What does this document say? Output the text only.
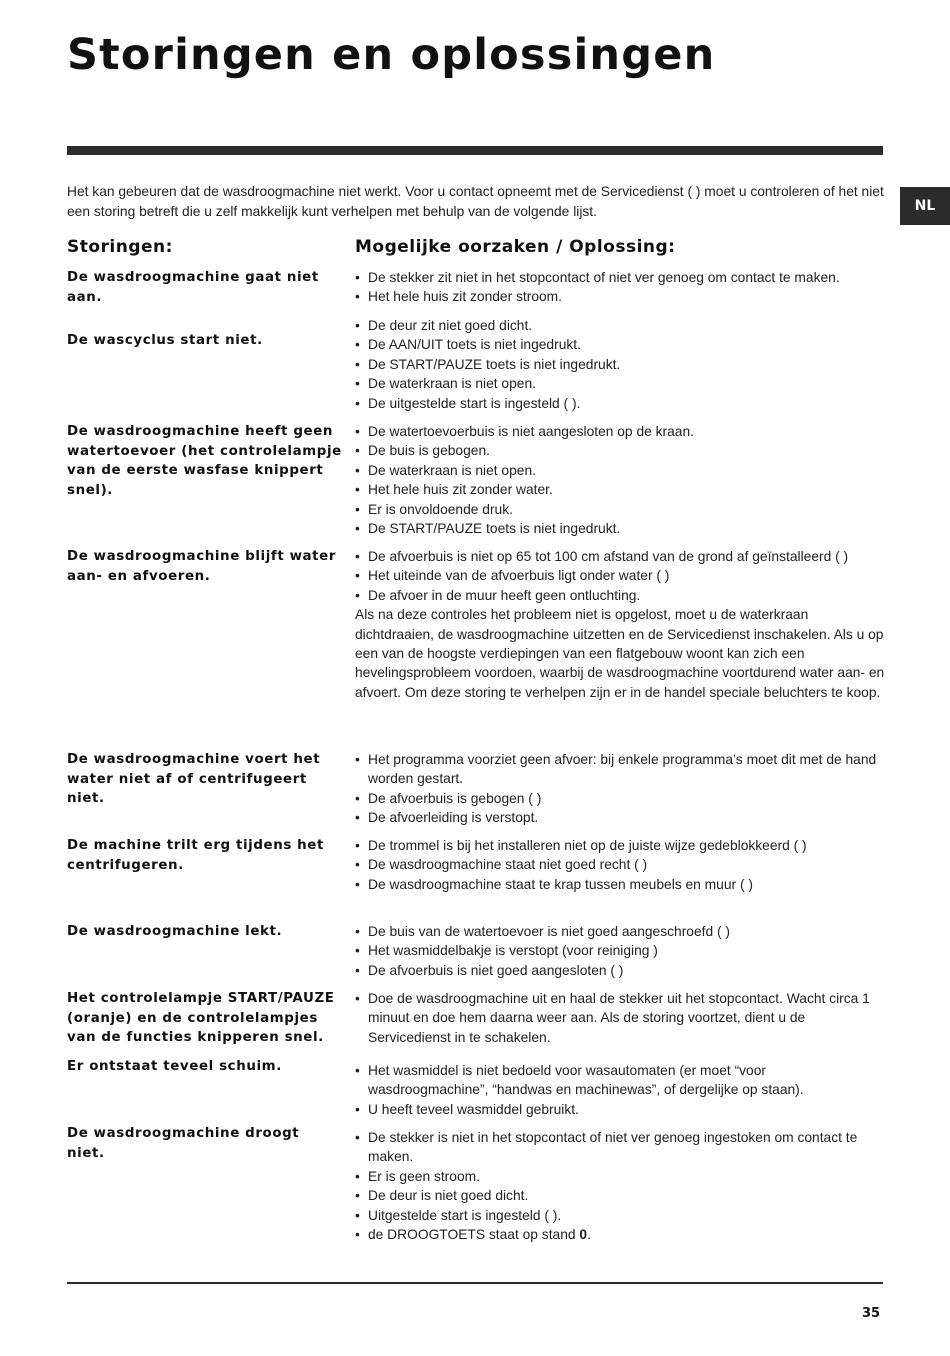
Storingen en oplossingen
NL
Het kan gebeuren dat de wasdroogmachine niet werkt. Voor u contact opneemt met de Servicedienst ( ) moet u controleren of het niet een storing betreft die u zelf makkelijk kunt verhelpen met behulp van de volgende lijst.
Storingen:	Mogelijke oorzaken / Oplossing:
De wasdroogmachine gaat niet aan.
• De stekker zit niet in het stopcontact of niet ver genoeg om contact te maken.
• Het hele huis zit zonder stroom.
De wascyclus start niet.
• De deur zit niet goed dicht.
• De AAN/UIT toets is niet ingedrukt.
• De START/PAUZE toets is niet ingedrukt.
• De waterkraan is niet open.
• De uitgestelde start is ingesteld ( ).
De wasdroogmachine heeft geen watertoevoer (het controlelampje van de eerste wasfase knippert snel).
• De watertoevoerbuis is niet aangesloten op de kraan.
• De buis is gebogen.
• De waterkraan is niet open.
• Het hele huis zit zonder water.
• Er is onvoldoende druk.
• De START/PAUZE toets is niet ingedrukt.
De wasdroogmachine blijft water aan- en afvoeren.
• De afvoerbuis is niet op 65 tot 100 cm afstand van de grond af geïnstalleerd ( )
• Het uiteinde van de afvoerbuis ligt onder water ( )
• De afvoer in de muur heeft geen ontluchting.
Als na deze controles het probleem niet is opgelost, moet u de waterkraan dichtdraaien, de wasdroogmachine uitzetten en de Servicedienst inschakelen. Als u op een van de hoogste verdiepingen van een flatgebouw woont kan zich een hevelingsprobleem voordoen, waarbij de wasdroogmachine voortdurend water aan- en afvoert. Om deze storing te verhelpen zijn er in de handel speciale beluchters te koop.
De wasdroogmachine voert het water niet af of centrifugeert niet.
• Het programma voorziet geen afvoer: bij enkele programma’s moet dit met de hand worden gestart.
• De afvoerbuis is gebogen ( )
• De afvoerleiding is verstopt.
De machine trilt erg tijdens het centrifugeren.
• De trommel is bij het installeren niet op de juiste wijze gedeblokkeerd ( )
• De wasdroogmachine staat niet goed recht ( )
• De wasdroogmachine staat te krap tussen meubels en muur ( )
De wasdroogmachine lekt.	• De buis van de watertoevoer is niet goed aangeschroefd ( )
• Het wasmiddelbakje is verstopt (voor reiniging )
• De afvoerbuis is niet goed aangesloten ( )
Het controlelampje START/PAUZE (oranje) en de controlelampjes van de functies knipperen snel.
• Doe de wasdroogmachine uit en haal de stekker uit het stopcontact. Wacht circa 1 minuut en doe hem daarna weer aan. Als de storing voortzet, dient u de Servicedienst in te schakelen.
Er ontstaat teveel schuim.	• Het wasmiddel is niet bedoeld voor wasautomaten (er moet “voor wasdroogmachine”, “handwas en machinewas”, of dergelijke op staan).
• U heeft teveel wasmiddel gebruikt.
De wasdroogmachine droogt niet.
• De stekker is niet in het stopcontact of niet ver genoeg ingestoken om contact te maken.
• Er is geen stroom.
• De deur is niet goed dicht.
• Uitgestelde start is ingesteld ( ).
• de DROOGTOETS staat op stand 0.
35
